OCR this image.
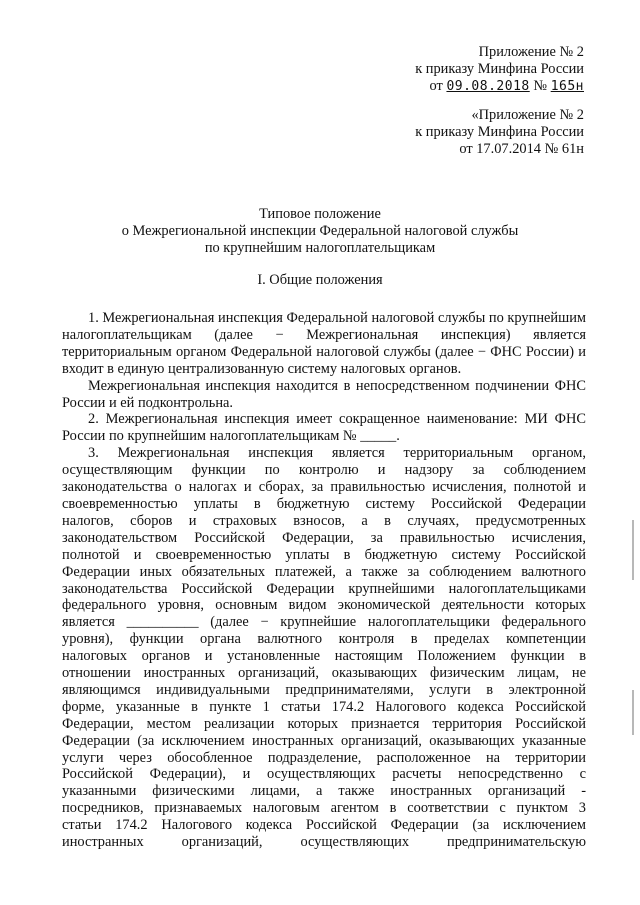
Приложение № 2
к приказу Минфина России
от 09.08.2018 № 165н
«Приложение № 2
к приказу Минфина России
от 17.07.2014 № 61н
Типовое положение
о Межрегиональной инспекции Федеральной налоговой службы
по крупнейшим налогоплательщикам
I. Общие положения

1. Межрегиональная инспекция Федеральной налоговой службы по крупнейшим налогоплательщикам (далее − Межрегиональная инспекция) является территориальным органом Федеральной налоговой службы (далее − ФНС России) и входит в единую централизованную систему налоговых органов.

Межрегиональная инспекция находится в непосредственном подчинении ФНС России и ей подконтрольна.

2. Межрегиональная инспекция имеет сокращенное наименование: МИ ФНС России по крупнейшим налогоплательщикам № _____.

3. Межрегиональная инспекция является территориальным органом,
осуществляющим функции по контролю и надзору за соблюдением
законодательства о налогах и сборах, за правильностью исчисления, полнотой и
своевременностью уплаты в бюджетную систему Российской Федерации
налогов, сборов и страховых взносов, а в случаях, предусмотренных
законодательством Российской Федерации, за правильностью исчисления,
полнотой и своевременностью уплаты в бюджетную систему Российской
Федерации иных обязательных платежей, а также за соблюдением валютного
законодательства Российской Федерации крупнейшими налогоплательщиками
федерального уровня, основным видом экономической деятельности которых
является __________ (далее − крупнейшие налогоплательщики федерального
уровня), функции органа валютного контроля в пределах компетенции
налоговых органов и установленные настоящим Положением функции в
отношении иностранных организаций, оказывающих физическим лицам, не
являющимся индивидуальными предпринимателями, услуги в электронной
форме, указанные в пункте 1 статьи 174.2 Налогового кодекса Российской
Федерации, местом реализации которых признается территория Российской
Федерации (за исключением иностранных организаций, оказывающих указанные
услуги через обособленное подразделение, расположенное на территории
Российской Федерации), и осуществляющих расчеты непосредственно с
указанными физическими лицами, а также иностранных организаций -
посредников, признаваемых налоговым агентом в соответствии с пунктом 3
статьи 174.2 Налогового кодекса Российской Федерации (за исключением
иностранных организаций, осуществляющих предпринимательскую
